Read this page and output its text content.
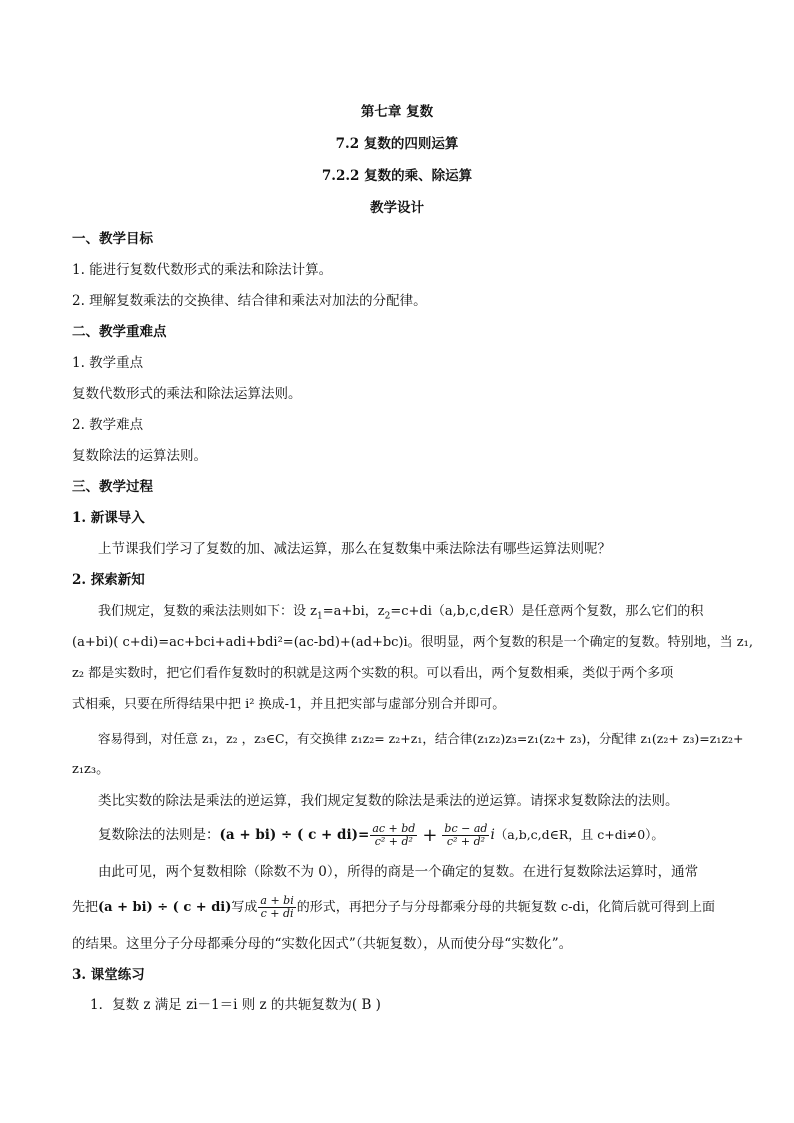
第七章 复数
7.2 复数的四则运算
7.2.2 复数的乘、除运算
教学设计
一、教学目标
1. 能进行复数代数形式的乘法和除法计算。
2. 理解复数乘法的交换律、结合律和乘法对加法的分配律。
二、教学重难点
1. 教学重点
复数代数形式的乘法和除法运算法则。
2. 教学难点
复数除法的运算法则。
三、教学过程
1. 新课导入
上节课我们学习了复数的加、减法运算，那么在复数集中乘法除法有哪些运算法则呢？
2. 探索新知
我们规定，复数的乘法法则如下：设 $z_1=a+bi$，$z_2=c+di(a,b,c,d\in R)$是任意两个复数，那么它们的积
(a+bi)( c+di)=ac+bci+adi+bdi²=(ac-bd)+(ad+bc)i。很明显，两个复数的积是一个确定的复数。特别地，当 z₁,
z₂ 都是实数时，把它们看作复数时的积就是这两个实数的积。可以看出，两个复数相乘，类似于两个多项
式相乘，只要在所得结果中把 i² 换成-1，并且把实部与虚部分别合并即可。
容易得到，对任意 z₁，z₂ ，z₃∈C，有交换律 z₁z₂= z₂+z₁，结合律(z₁z₂)z₃=z₁(z₂+ z₃)，分配律 z₁(z₂+ z₃)=z₁z₂+
z₁z₃。
类比实数的除法是乘法的逆运算，我们规定复数的除法是乘法的逆运算。请探求复数除法的法则。
复数除法的法则是：(a + bi) ÷ ( $c + di)= \frac{ac + bd}{\text{c² + d²}} + \frac{bc - ad}{\text{c² + d²}}$ i（a,b,c,d∈R，且 c+di≠0）。
由此可见，两个复数相除（除数不为 0），所得的商是一个确定的复数。在进行复数除法运算时，通常
先把(a + bi) ÷ ( c + di)写成 $\frac{a + bi}{c + di}$ 的形式，再把分子与分母都乘分母的共轭复数 c-di，化简后就可得到上面
的结果。这里分子分母都乘分母的“实数化因式”（共轭复数），从而使分母“实数化”。
3. 课堂练习
1．复数 z 满足 zi－1＝i 则 z 的共轭复数为( B )
